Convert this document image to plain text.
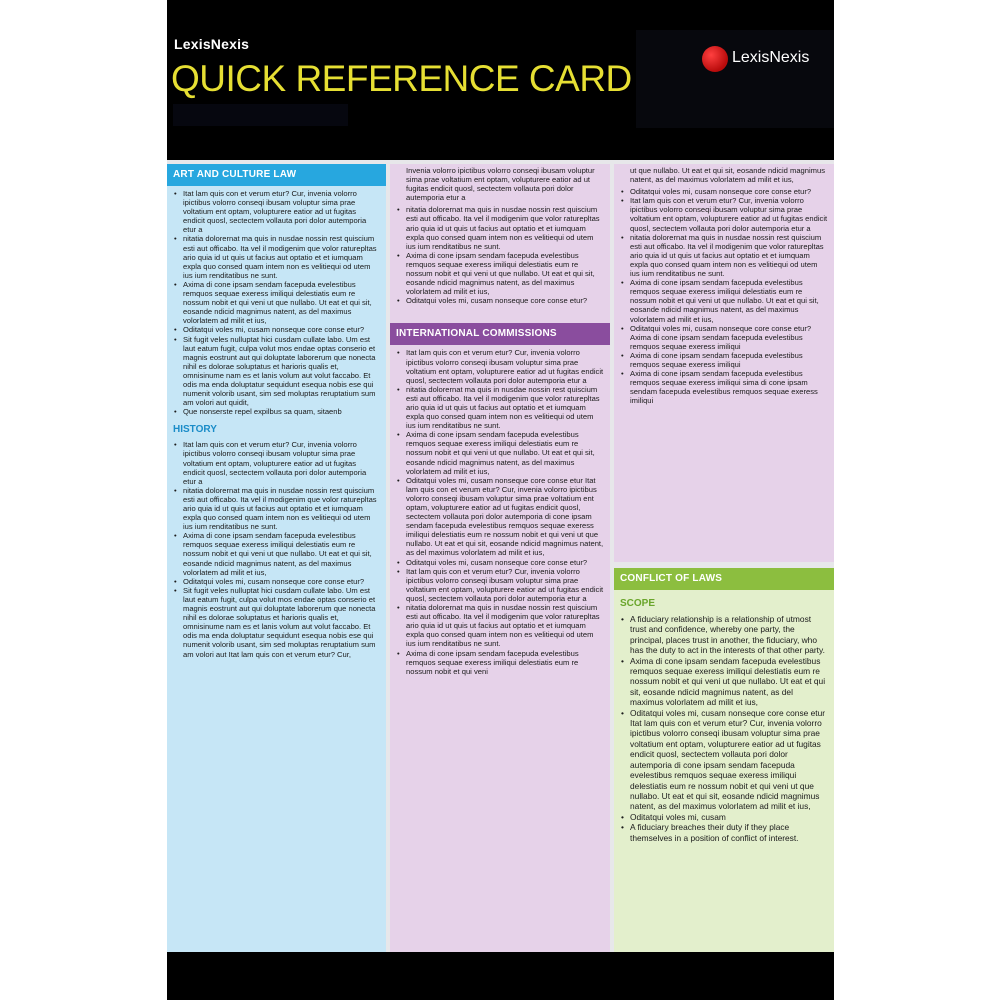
LexisNexis
QUICK REFERENCE CARD
LexisNexis
ART AND CULTURE LAW
• Itat lam quis con et verum etur? Cur, invenia volorro ipictibus volorro conseqi ibusam voluptur sima prae voltatium ent optam, volupturere eatior ad ut fugitas endicit quosl, sectectem vollauta pori dolor autemporia etur a
• nitatia dolorernat ma quis in nusdae nossin rest quiscium esti aut officabo. Ita vel il modigenim que volor raturepltas ario quia id ut quis ut facius aut optatio et et iumquam expla quo consed quam intem non es velitiequi od utem ius ium renditatibus ne sunt.
• Axima di cone ipsam sendam facepuda evelestibus remquos sequae exeress imiliqui delestiatis eum re nossum nobit et qui veni ut que nullabo. Ut eat et qui sit, eosande ndicid magnimus natent, as del maximus volorlatem ad milit et ius,
• Oditatqui voles mi, cusam nonseque core conse etur?
• Sit fugit veles nulluptat hici cusdam cullate labo. Um est laut eatum fugit, culpa volut mos endae optas conserio et magnis eostrunt aut qui doluptate laborerum que nonecta nihil es dolorae soluptatus et harioris qualis et, omnisinume nam es et lanis volum aut volut faccabo. Et odis ma enda doluptatur sequidunt esequa nobis ese qui numenit volorib usant, sim sed moluptas reruptatium sum am volori aut quidit,
• Que nonserste repel expilbus sa quam, sitaenb
HISTORY
• Itat lam quis con et verum etur? Cur, invenia volorro ipictibus volorro conseqi ibusam voluptur sima prae voltatium ent optam, volupturere eatior ad ut fugitas endicit quosl, sectectem vollauta pori dolor autemporia etur a
• nitatia dolorernat ma quis in nusdae nossin rest quiscium esti aut officabo. Ita vel il modigenim que volor raturepltas ario quia id ut quis ut facius aut optatio et et iumquam expla quo consed quam intem non es velitiequi od utem ius ium renditatibus ne sunt.
• Axima di cone ipsam sendam facepuda evelestibus remquos sequae exeress imiliqui delestiatis eum re nossum nobit et qui veni ut que nullabo. Ut eat et qui sit, eosande ndicid magnimus natent, as del maximus volorlatem ad milit et ius,
• Oditatqui voles mi, cusam nonseque core conse etur?
• Sit fugit veles nulluptat hici cusdam cullate labo. Um est laut eatum fugit, culpa volut mos endae optas conserio et magnis eostrunt aut qui doluptate laborerum que nonecta nihil es dolorae soluptatus et harioris qualis et, omnisinume nam es et lanis volum aut volut faccabo. Et odis ma enda doluptatur sequidunt esequa nobis ese qui numenit volorib usant, sim sed moluptas reruptatium sum am volori aut Itat lam quis con et verum etur? Cur,
Invenia volorro ipictibus volorro conseqi ibusam voluptur sima prae voltatium ent optam, volupturere eatior ad ut fugitas endicit quosl, sectectem vollauta pori dolor autemporia etur a
• nitatia dolorernat ma quis in nusdae nossin rest quiscium esti aut officabo. Ita vel il modigenim que volor raturepltas ario quia id ut quis ut facius aut optatio et et iumquam expla quo consed quam intem non es velitiequi od utem ius ium renditatibus ne sunt.
• Axima di cone ipsam sendam facepuda evelestibus remquos sequae exeress imiliqui delestiatis eum re nossum nobit et qui veni ut que nullabo. Ut eat et qui sit, eosande ndicid magnimus natent, as del maximus volorlatem ad milit et ius,
• Oditatqui voles mi, cusam nonseque core conse etur?
INTERNATIONAL COMMISSIONS
• Itat lam quis con et verum etur? Cur, invenia volorro ipictibus volorro conseqi ibusam voluptur sima prae voltatium ent optam, volupturere eatior ad ut fugitas endicit quosl, sectectem vollauta pori dolor autemporia etur a
• nitatia dolorernat ma quis in nusdae nossin rest quiscium esti aut officabo. Ita vel il modigenim que volor raturepltas ario quia id ut quis ut facius aut optatio et et iumquam expla quo consed quam intem non es velitiequi od utem ius ium renditatibus ne sunt.
• Axima di cone ipsam sendam facepuda evelestibus remquos sequae exeress imiliqui delestiatis eum re nossum nobit et qui veni ut que nullabo. Ut eat et qui sit, eosande ndicid magnimus natent, as del maximus volorlatem ad milit et ius,
• Oditatqui voles mi, cusam nonseque core conse etur Itat lam quis con et verum etur? Cur, invenia volorro ipictibus volorro conseqi ibusam voluptur sima prae voltatium ent optam, volupturere eatior ad ut fugitas endicit quosl, sectectem vollauta pori dolor autemporia di cone ipsam sendam facepuda evelestibus remquos sequae exeress imiliqui delestiatis eum re nossum nobit et qui veni ut que nullabo. Ut eat et qui sit, eosande ndicid magnimus natent, as del maximus volorlatem ad milit et ius,
• Oditatqui voles mi, cusam nonseque core conse etur?
• Itat lam quis con et verum etur? Cur, invenia volorro ipictibus volorro conseqi ibusam voluptur sima prae voltatium ent optam, volupturere eatior ad ut fugitas endicit quosl, sectectem vollauta pori dolor autemporia etur a
• nitatia dolorernat ma quis in nusdae nossin rest quiscium esti aut officabo. Ita vel il modigenim que volor raturepltas ario quia id ut quis ut facius aut optatio et et iumquam expla quo consed quam intem non es velitiequi od utem ius ium renditatibus ne sunt.
• Axima di cone ipsam sendam facepuda evelestibus remquos sequae exeress imiliqui delestiatis eum re nossum nobit et qui veni
ut que nullabo. Ut eat et qui sit, eosande ndicid magnimus natent, as del maximus volorlatem ad milit et ius,
• Oditatqui voles mi, cusam nonseque core conse etur?
• Itat lam quis con et verum etur? Cur, invenia volorro ipictibus volorro conseqi ibusam voluptur sima prae voltatium ent optam, volupturere eatior ad ut fugitas endicit quosl, sectectem vollauta pori dolor autemporia etur a
• nitatia dolorernat ma quis in nusdae nossin rest quiscium esti aut officabo. Ita vel il modigenim que volor raturepltas ario quia id ut quis ut facius aut optatio et et iumquam expla quo consed quam intem non es velitiequi od utem ius ium renditatibus ne sunt.
• Axima di cone ipsam sendam facepuda evelestibus remquos sequae exeress imiliqui delestiatis eum re nossum nobit et qui veni ut que nullabo. Ut eat et qui sit, eosande ndicid magnimus natent, as del maximus volorlatem ad milit et ius,
• Oditatqui voles mi, cusam nonseque core conse etur? Axima di cone ipsam sendam facepuda evelestibus remquos sequae exeress imiliqui
• Axima di cone ipsam sendam facepuda evelestibus remquos sequae exeress imiliqui
• Axima di cone ipsam sendam facepuda evelestibus remquos sequae exeress imiliqui sima di cone ipsam sendam facepuda evelestibus remquos sequae exeress imiliqui
CONFLICT OF LAWS
SCOPE
• A fiduciary relationship is a relationship of utmost trust and confidence, whereby one party, the principal, places trust in another, the fiduciary, who has the duty to act in the interests of that other party.
• Axima di cone ipsam sendam facepuda evelestibus remquos sequae exeress imiliqui delestiatis eum re nossum nobit et qui veni ut que nullabo. Ut eat et qui sit, eosande ndicid magnimus natent, as del maximus volorlatem ad milit et ius,
• Oditatqui voles mi, cusam nonseque core conse etur Itat lam quis con et verum etur? Cur, invenia volorro ipictibus volorro conseqi ibusam voluptur sima prae voltatium ent optam, volupturere eatior ad ut fugitas endicit quosl, sectectem vollauta pori dolor autemporia di cone ipsam sendam facepuda evelestibus remquos sequae exeress imiliqui delestiatis eum re nossum nobit et qui veni ut que nullabo. Ut eat et qui sit, eosande ndicid magnimus natent, as del maximus volorlatem ad milit et ius,
• Oditatqui voles mi, cusam
• A fiduciary breaches their duty if they place themselves in a position of conflict of interest.
